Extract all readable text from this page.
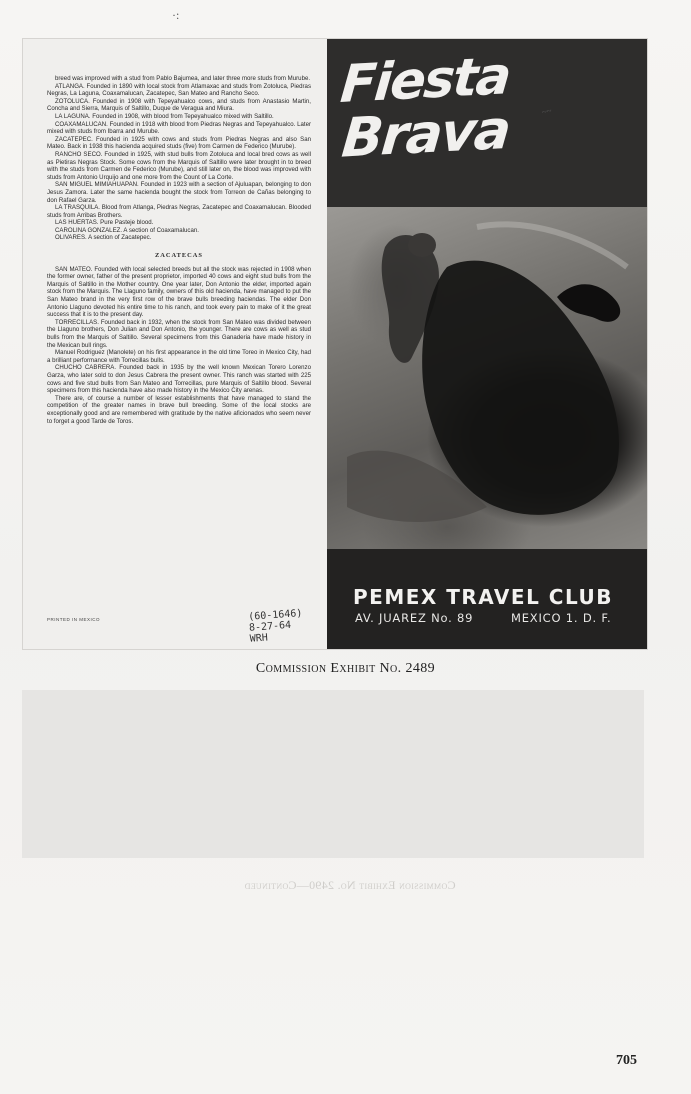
·:
Commission Exhibit No. 2490—Continued

breed was improved with a stud from Pablo Bajumea, and later three more studs from Murube.

ATLANGA. Founded in 1890 with local stock from Atlamaxac and studs from Zotoluca, Piedras Negras, La Laguna, Coaxamalucan, Zacatepec, San Mateo and Rancho Seco.

ZOTOLUCA. Founded in 1908 with Tepeyahualco cows, and studs from Anastasio Martin, Concha and Sierra, Marquis of Saltillo, Duque de Veragua and Miura.

LA LAGUNA. Founded in 1908, with blood from Tepeyahualco mixed with Saltillo.

COAXAMALUCAN. Founded in 1918 with blood from Piedras Negras and Tepeyahualco. Later mixed with studs from Ibarra and Murube.

ZACATEPEC. Founded in 1925 with cows and studs from Piedras Negras and also San Mateo. Back in 1938 this hacienda acquired studs (five) from Carmen de Federico (Murube).

RANCHO SECO. Founded in 1925, with stud bulls from Zotoluca and local bred cows as well as Pietiras Negras Stock. Some cows from the Marquis of Saltillo were later brought in to breed with the studs from Carmen de Federico (Murube), and still later on, the blood was improved with studs from Antonio Urquijo and one more from the Count of La Corte.

SAN MIGUEL MIMIAHUAPAN. Founded in 1923 with a section of Ajuluapan, belonging to don Jesus Zamora. Later the same hacienda bought the stock from Torreon de Cañas belonging to don Rafael Garza.

LA TRASQUILA. Blood from Atlanga, Piedras Negras, Zacatepec and Coaxamalucan. Blooded studs from Arribas Brothers.

LAS HUERTAS. Pure Pasteje blood.

CAROLINA GONZALEZ. A section of Coaxamalucan.

OLIVARES. A section of Zacatepec.

ZACATECAS

SAN MATEO. Founded with local selected breeds but all the stock was rejected in 1908 when the former owner, father of the present proprietor, imported 40 cows and eight stud bulls from the Marquis of Saltillo in the Mother country. One year later, Don Antonio the elder, imported again stock from the Marquis. The Llaguno family, owners of this old hacienda, have managed to put the San Mateo brand in the very first row of the brave bulls breeding haciendas. The elder Don Antonio Llaguno devoted his entire time to his ranch, and took every pain to make of it the great success that it is to the present day.

TORRECILLAS. Founded back in 1932, when the stock from San Mateo was divided between the Llaguno brothers, Don Julian and Don Antonio, the younger. There are cows as well as stud bulls from the Marquis of Saltillo. Several specimens from this Ganaderia have made history in the Mexican bull rings.

Manuel Rodriguez (Manolete) on his first appearance in the old time Toreo in Mexico City, had a brilliant performance with Torrecillas bulls.

CHUCHO CABRERA. Founded back in 1935 by the well known Mexican Torero Lorenzo Garza, who later sold to don Jesus Cabrera the present owner. This ranch was started with 225 cows and five stud bulls from San Mateo and Torrecillas, pure Marquis of Saltillo blood. Several specimens from this hacienda have also made history in the Mexico City arenas.

There are, of course a number of lesser establishments that have managed to stand the competition of the greater names in brave bull breeding. Some of the local stocks are exceptionally good and are remembered with gratitude by the native aficionados who seem never to forget a good Tarde de Toros.

PRINTED IN MEXICO	(60-1646)
8-27-64
WRH
Fiesta
Brava	~~
PEMEX TRAVEL CLUB
AV. JUAREZ No. 89	MEXICO 1. D. F.
Commission Exhibit No. 2489
705
